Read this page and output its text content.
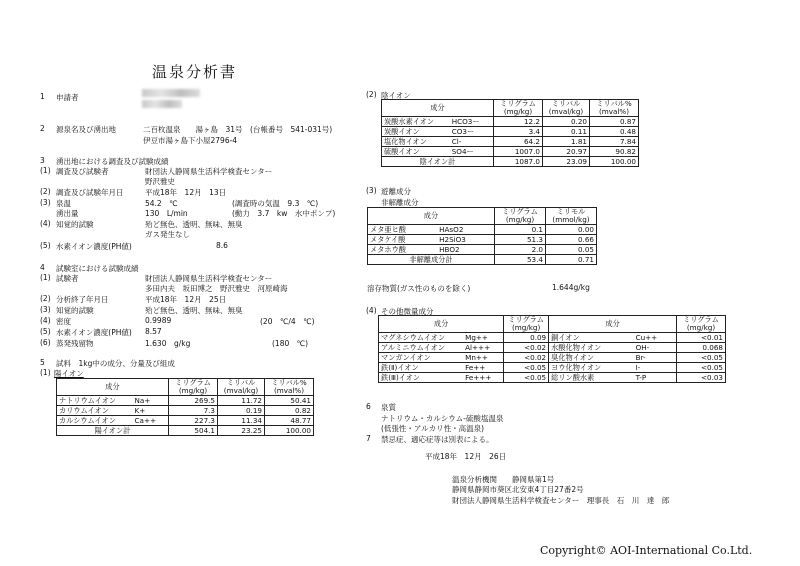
温泉分析書
1 申請者
2 源泉名及び湧出地	二百枚温泉　　湯ヶ島　31号　(台帳番号　541-031号)
伊豆市湯ヶ島下小屋2796-4
3 湧出地における調査及び試験成績
(1) 調査及び試験者	財団法人静岡県生活科学検査センター
野沢雅史
(2) 調査及び試験年月日	平成18年　12月　13日
(3) 泉温	54.2　℃	(調査時の気温　9.3　℃)
湧出量	130　L/min	(動力　3.7　kw　水中ポンプ)
(4) 知覚的試験	殆ど無色、透明、無味、無臭
ガス発生なし
(5) 水素イオン濃度(PH値)	8.6
4 試験室における試験成績
(1) 試験者	財団法人静岡県生活科学検査センター
多田内夫　坂田博之　野沢雅史　河原崎海
(2) 分析終了年月日	平成18年　12月　25日
(3) 知覚的試験	殆ど無色、透明、無味、無臭
(4) 密度	0.9989	(20　℃/4　℃)
(5) 水素イオン濃度(PH値) 8.57
(6) 蒸発残留物	1.630　g/kg	(180　℃)
5 試料　1kg中の成分、分量及び組成
(1) 陽イオン
成分		ミリグラム
(mg/kg)	ミリバル
(mval/kg)	ミリバル%
(mval%)
ナトリウムイオン	Na+	269.5	11.72	50.41
カリウムイオン	K+	7.3	0.19	0.82
カルシウムイオン	Ca++	227.3	11.34	48.77
陽イオン計		504.1	23.25	100.00
(2) 陰イオン
成分		ミリグラム
(mg/kg)	ミリバル
(mval/kg)	ミリバル%
(mval%)
炭酸水素イオン	HCO3ー	12.2	0.20	0.87
炭酸イオン	CO3ー	3.4	0.11	0.48
塩化物イオン	Cl-	64.2	1.81	7.84
硫酸イオン	SO4ー	1007.0	20.97	90.82
陰イオン計		1087.0	23.09	100.00
(3) 遊離成分
非解離成分
成分		ミリグラム
(mg/kg)	ミリモル
(mmol/kg)
メタ亜ヒ酸	HAsO2	0.1	0.00
メタケイ酸	H2SiO3	51.3	0.66
メタホウ酸	HBO2	2.0	0.05
非解離成分計		53.4	0.71
溶存物質(ガス性のものを除く)	1.644g/kg
(4) その他微量成分
成分		ミリグラム
(mg/kg)	成分		ミリグラム
(mg/kg)
マグネシウムイオン	Mg++	0.09	銅イオン	Cu++	<0.01
アルミニウムイオン	Al+++	<0.02	水酸化物イオン	OH-	0.068
マンガンイオン	Mn++	<0.02	臭化物イオン	Br-	<0.05
鉄(Ⅱ)イオン	Fe++	<0.05	ヨウ化物イオン	I-	<0.05
鉄(Ⅲ)イオン	Fe+++	<0.05	総リン酸水素	T-P	<0.03
6 泉質
ナトリウム・カルシウム-硫酸塩温泉
(低張性・アルカリ性・高温泉)
7 禁忌症、適応症等は別表による。
平成18年　12月　26日
温泉分析機関　　静岡県第1号
静岡県静岡市葵区北安東4丁目27番2号
財団法人静岡県生活科学検査センター　理事長　石　川　達　郎
Copyright© AOI-International Co.Ltd.
